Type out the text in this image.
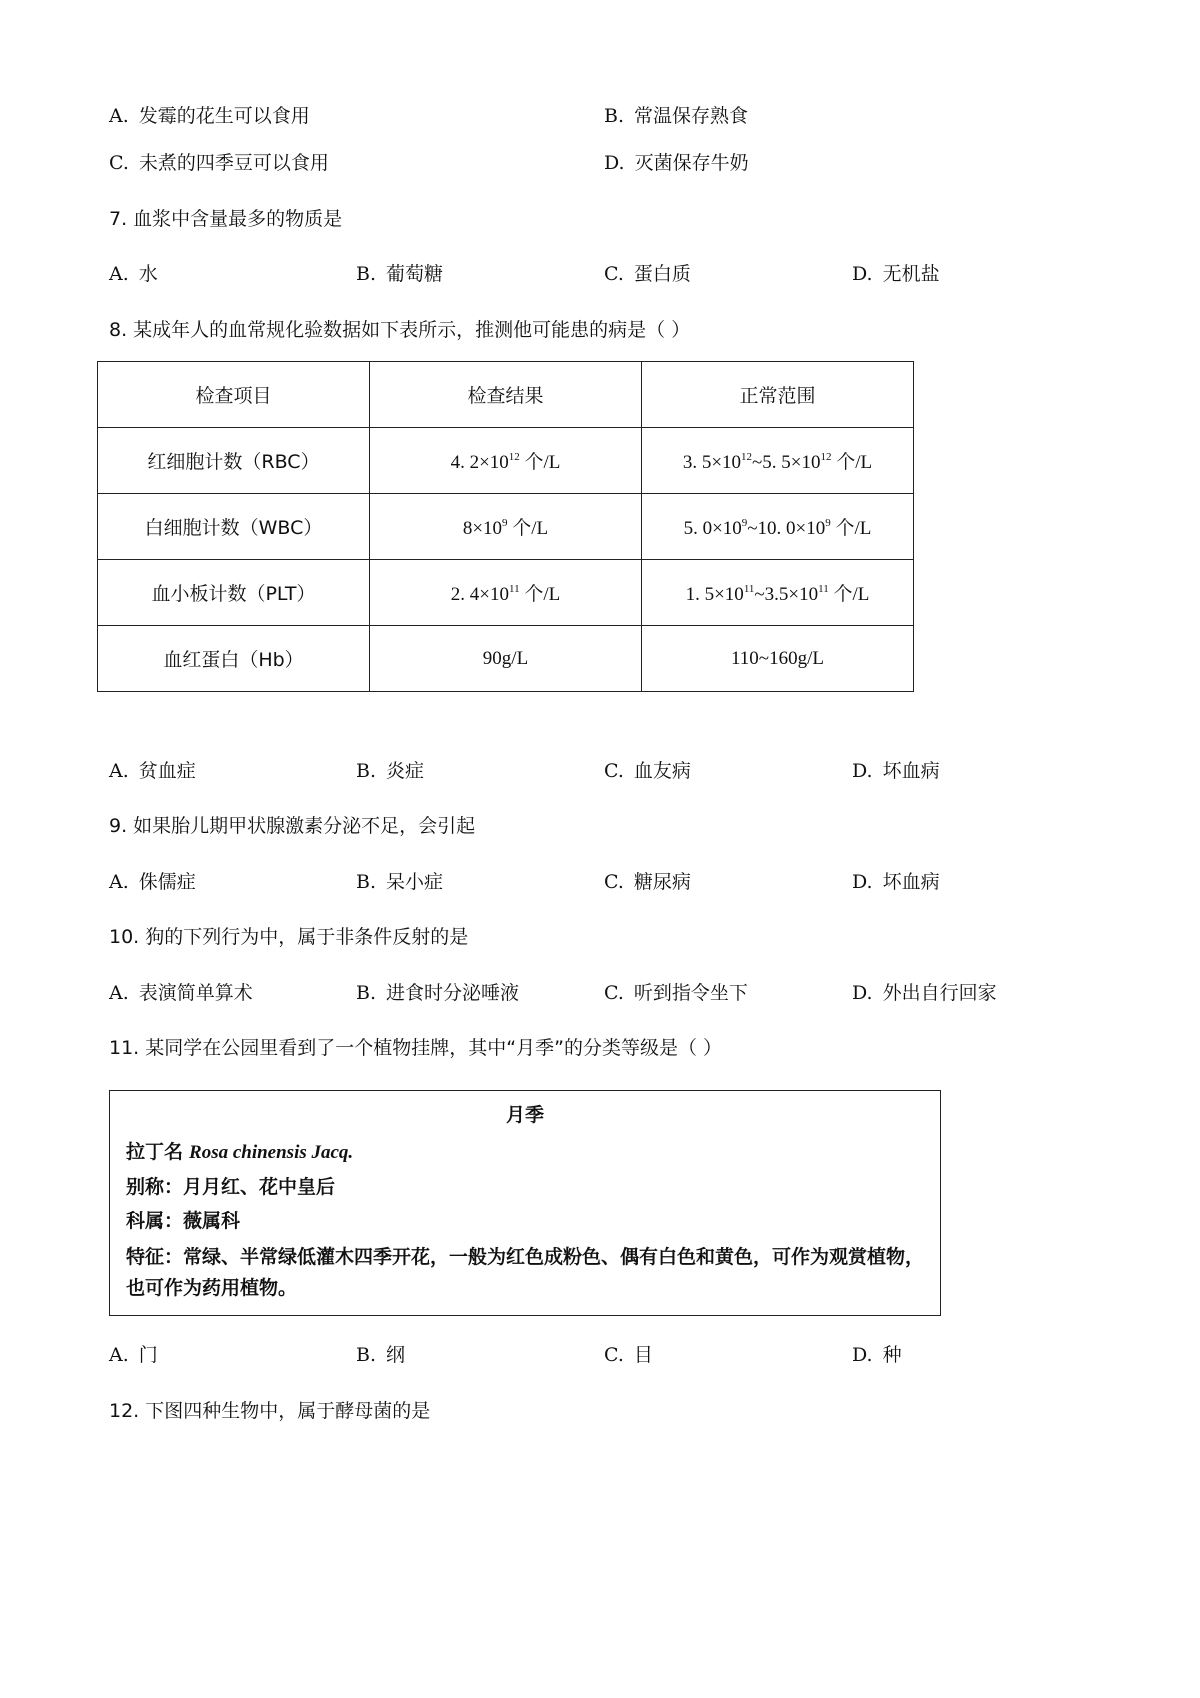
A. 发霉的花生可以食用	B. 常温保存熟食
C. 未煮的四季豆可以食用	D. 灭菌保存牛奶
7. 血浆中含量最多的物质是
A. 水	B. 葡萄糖	C. 蛋白质	D. 无机盐
8. 某成年人的血常规化验数据如下表所示，推测他可能患的病是（ ）
检查项目	检查结果	正常范围
红细胞计数（RBC）	4. $2\times 10^{12}$ 个/L	3. $5\times 10^{12}\sim 5$. $5\times 10^{12}$ 个/L
白细胞计数（WBC）	$8\times 10^9$ 个/L	5. $0\times 10^9\sim 10$. $0\times 10^9$ 个/L
血小板计数（PLT）	2. $4\times 10^{11}$ 个/L	1. $5\times 10^{11}\sim 3.5\times 10^{11}$ 个/L
血红蛋白（Hb）	90g/L	110~160g/L
A. 贫血症	B. 炎症	C. 血友病	D. 坏血病
9. 如果胎儿期甲状腺激素分泌不足，会引起
A. 侏儒症	B. 呆小症	C. 糖尿病	D. 坏血病
10. 狗的下列行为中，属于非条件反射的是
A. 表演简单算术	B. 进食时分泌唾液	C. 听到指令坐下	D. 外出自行回家
11. 某同学在公园里看到了一个植物挂牌，其中“月季”的分类等级是（ ）
月季
拉丁名 Rosa chinensis Jacq.
别称：月月红、花中皇后
科属：薇属科
特征：常绿、半常绿低灌木四季开花，一般为红色成粉色、偶有白色和黄色，可作为观赏植物，也可作为药用植物。
A. 门	B. 纲	C. 目	D. 种
12. 下图四种生物中，属于酵母菌的是
